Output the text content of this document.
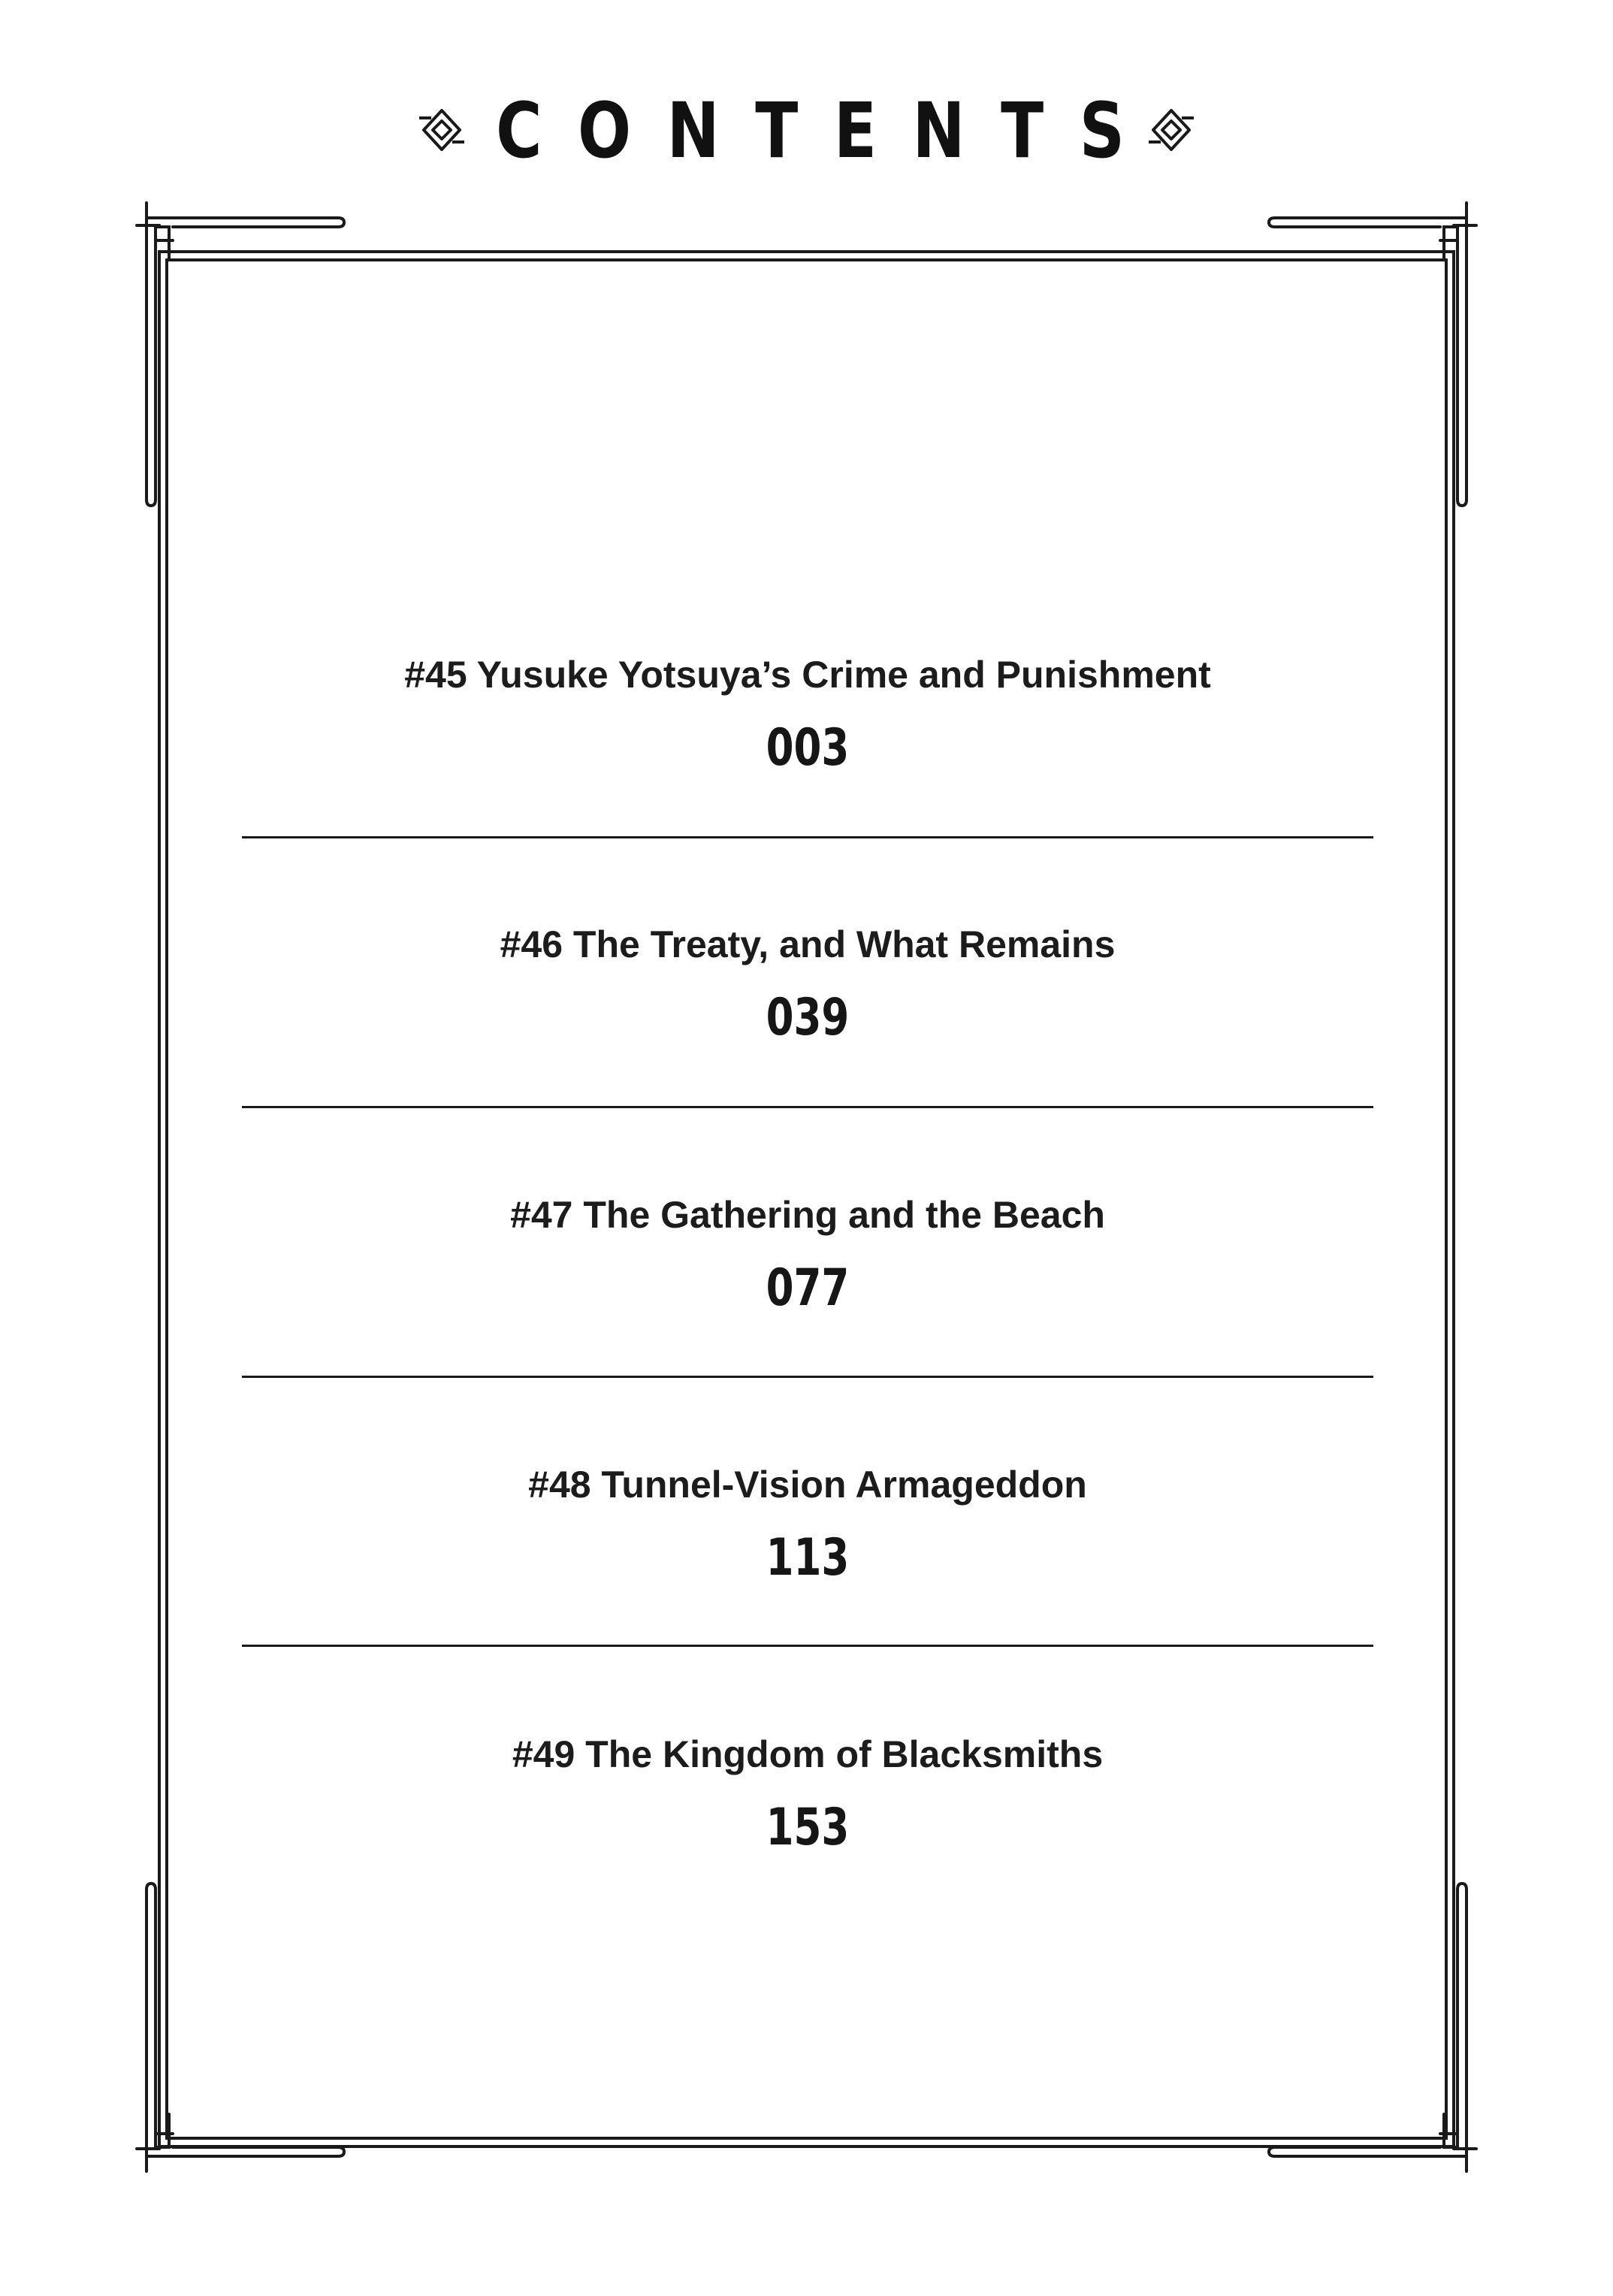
CONTENTS
#45 Yusuke Yotsuya’s Crime and Punishment
003
#46 The Treaty, and What Remains
039
#47 The Gathering and the Beach
077
#48 Tunnel-Vision Armageddon
113
#49 The Kingdom of Blacksmiths
153
